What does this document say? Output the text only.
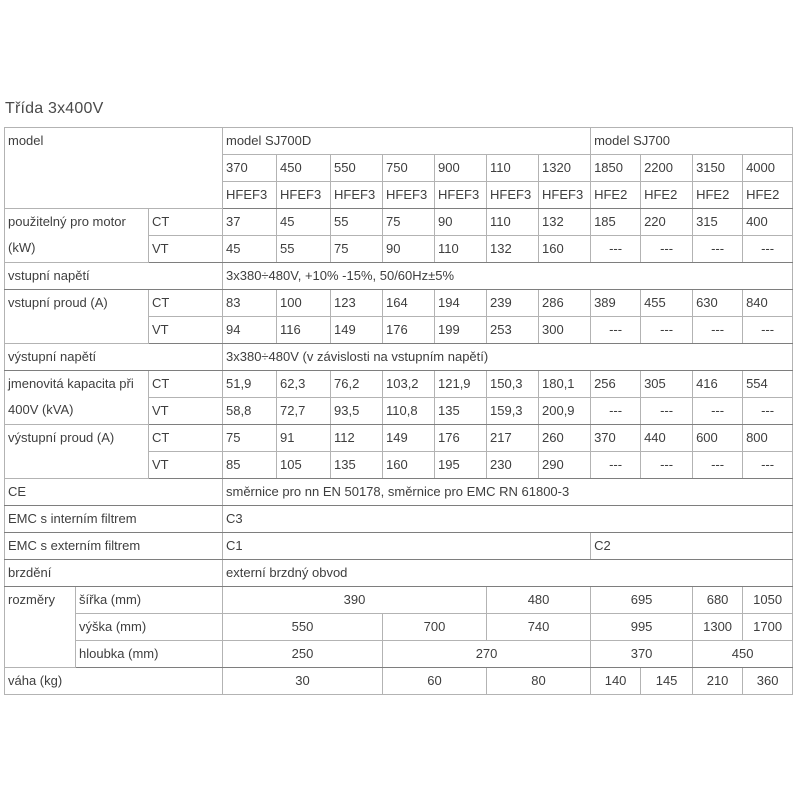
Třída 3x400V

model			model SJ700D							model SJ700			
			370	450	550	750	900	110	1320	1850	2200	3150	4000
			HFEF3	HFEF3	HFEF3	HFEF3	HFEF3	HFEF3	HFEF3	HFE2	HFE2	HFE2	HFE2

použitelný pro motor
(kW)		CT	37	45	55	75	90	110	132	185	220	315	400
		VT	45	55	75	90	110	132	160	---	---	---	---
vstupní napětí			3x380÷480V, +10% -15%, 50/60Hz±5%										

vstupní proud (A)		CT	83	100	123	164	194	239	286	389	455	630	840
		VT	94	116	149	176	199	253	300	---	---	---	---
výstupní napětí			3x380÷480V (v závislosti na vstupním napětí)										

jmenovitá kapacita při
400V (kVA)		CT	51,9	62,3	76,2	103,2	121,9	150,3	180,1	256	305	416	554
		VT	58,8	72,7	93,5	110,8	135	159,3	200,9	---	---	---	---

výstupní proud (A)		CT	75	91	112	149	176	217	260	370	440	600	800
		VT	85	105	135	160	195	230	290	---	---	---	---
CE			směrnice pro nn EN 50178, směrnice pro EMC RN 61800-3										
EMC s interním filtrem			C3										
EMC s externím filtrem			C1							C2			
brzdění			externí brzdný obvod										
rozměry	šířka (mm)		390					480		695		680	1050
	výška (mm)		550			700		740		995		1300	1700
	hloubka (mm)		250			270				370		450	
váha (kg)			30			60		80		140	145	210	360
